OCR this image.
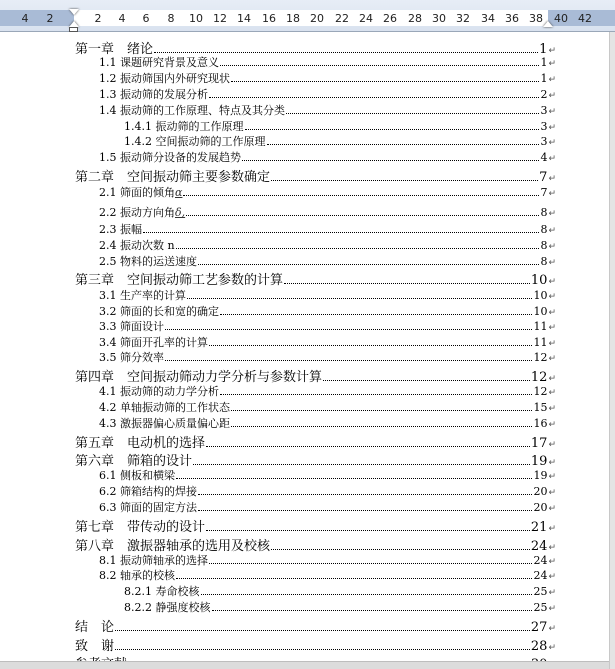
4 2	2 4 6 8 10 12 14 16 18 20 22 24 26 28 30 32 34 36 38 40 42
第一章　绪论	1 ↵
1.1 课题研究背景及意义	1 ↵
1.2 振动筛国内外研究现状	1 ↵
1.3 振动筛的发展分析	2 ↵
1.4 振动筛的工作原理、特点及其分类	3 ↵
1.4.1 振动筛的工作原理	3 ↵
1.4.2 空间振动筛的工作原理	3 ↵
1.5 振动筛分设备的发展趋势	4 ↵
第二章　空间振动筛主要参数确定	7 ↵
2.1 筛面的倾角 α	7 ↵
2.2 振动方向角 δ,	8 ↵
2.3 振幅	8 ↵
2.4 振动次数 n	8 ↵
2.5 物料的运送速度	8 ↵
第三章　空间振动筛工艺参数的计算	10 ↵
3.1 生产率的计算	10 ↵
3.2 筛面的长和宽的确定	10 ↵
3.3 筛面设计	11 ↵
3.4 筛面开孔率的计算	11 ↵
3.5 筛分效率	12 ↵
第四章　空间振动筛动力学分析与参数计算	12 ↵
4.1 振动筛的动力学分析	12 ↵
4.2 单轴振动筛的工作状态	15 ↵
4.3 激振器偏心质量偏心距	16 ↵
第五章　电动机的选择	17 ↵
第六章　筛箱的设计	19 ↵
6.1 侧板和横梁	19 ↵
6.2 筛箱结构的焊接	20 ↵
6.3 筛面的固定方法	20 ↵
第七章　带传动的设计	21 ↵
第八章　激振器轴承的选用及校核	24 ↵
8.1 振动筛轴承的选择	24 ↵
8.2 轴承的校核	24 ↵
8.2.1 寿命校核	25 ↵
8.2.2 静强度校核	25 ↵
结　论	27 ↵
致　谢	28 ↵
